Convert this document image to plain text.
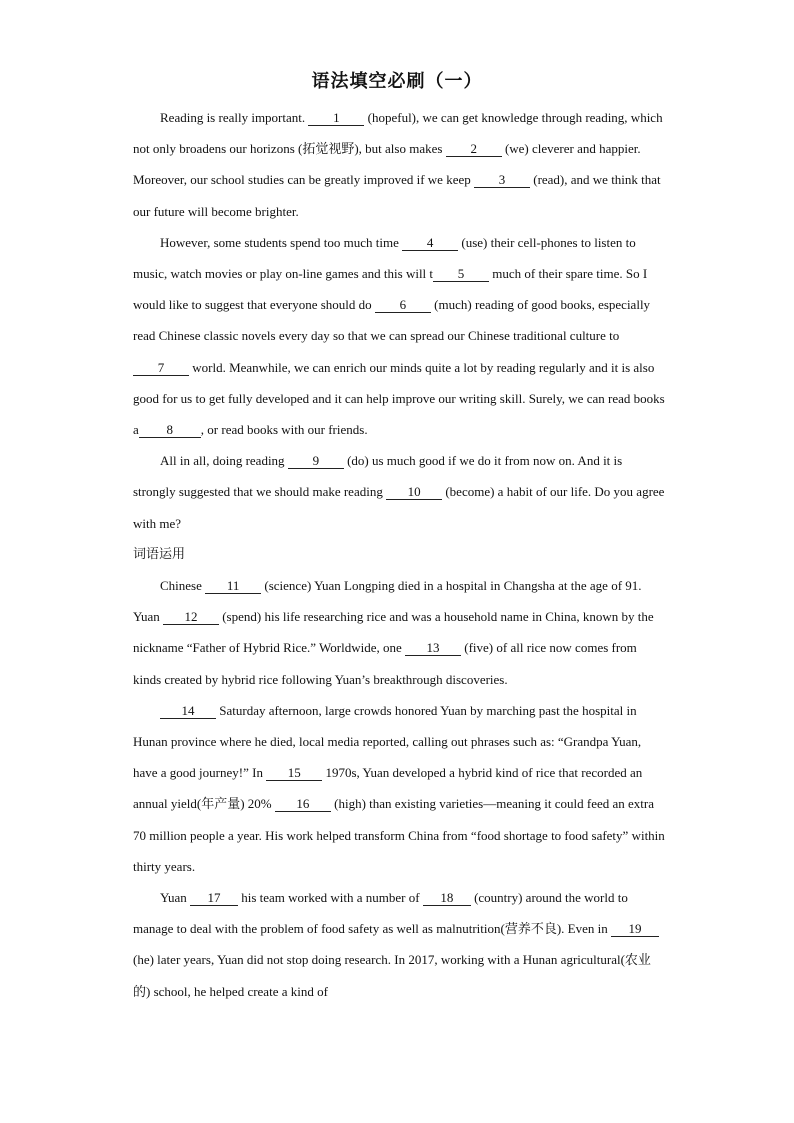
语法填空必刷（一）

Reading is really important. 1 (hopeful), we can get knowledge through reading, which not only broadens our horizons (拓觉视野), but also makes 2 (we) cleverer and happier. Moreover, our school studies can be greatly improved if we keep 3 (read), and we think that our future will become brighter.

However, some students spend too much time 4 (use) their cell-phones to listen to music, watch movies or play on-line games and this will t 5 much of their spare time. So I would like to suggest that everyone should do 6 (much) reading of good books, especially read Chinese classic novels every day so that we can spread our Chinese traditional culture to 7 world. Meanwhile, we can enrich our minds quite a lot by reading regularly and it is also good for us to get fully developed and it can help improve our writing skill. Surely, we can read books a 8 , or read books with our friends.

All in all, doing reading 9 (do) us much good if we do it from now on. And it is strongly suggested that we should make reading 10 (become) a habit of our life. Do you agree with me?

词语运用

Chinese 11 (science) Yuan Longping died in a hospital in Changsha at the age of 91. Yuan 12 (spend) his life researching rice and was a household name in China, known by the nickname “Father of Hybrid Rice.” Worldwide, one 13 (five) of all rice now comes from kinds created by hybrid rice following Yuan’s breakthrough discoveries.

14 Saturday afternoon, large crowds honored Yuan by marching past the hospital in Hunan province where he died, local media reported, calling out phrases such as: “Grandpa Yuan, have a good journey!” In 15 1970s, Yuan developed a hybrid kind of rice that recorded an annual yield(年产量) 20% 16 (high) than existing varieties—meaning it could feed an extra 70 million people a year. His work helped transform China from “food shortage to food safety” within thirty years.

Yuan 17 his team worked with a number of 18 (country) around the world to manage to deal with the problem of food safety as well as malnutrition(营养不良). Even in 19 (he) later years, Yuan did not stop doing research. In 2017, working with a Hunan agricultural(农业的) school, he helped create a kind of
